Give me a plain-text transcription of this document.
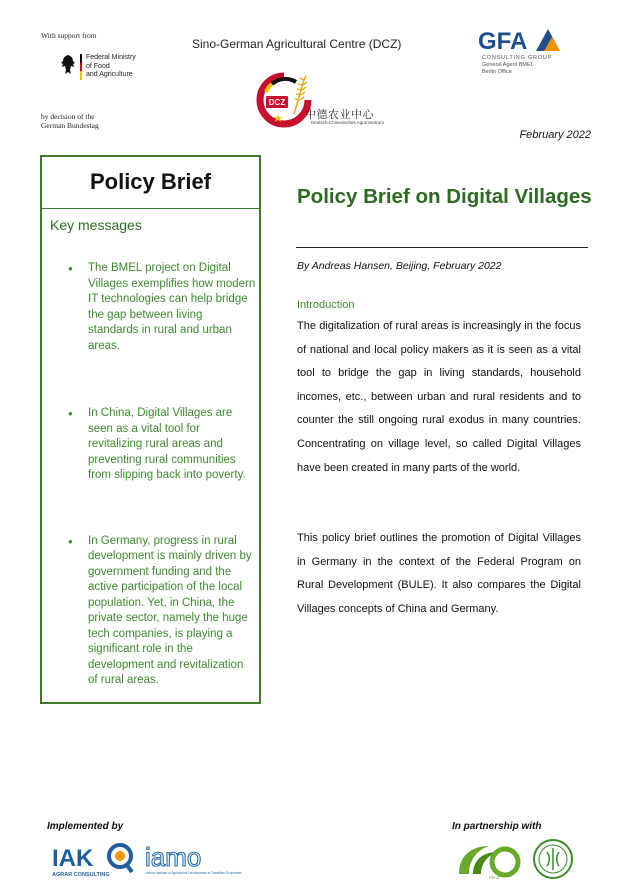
With support from
Federal Ministry
of Food
and Agriculture
by decision of the
German Bundestag
Sino-German Agricultural Centre (DCZ)
DCZ
中德农业中心
Deutsch-Chinesisches Agrarzentrum
GFA
CONSULTING GROUP
General Agent BMEL
Berlin Office
February 2022
Policy Brief
Key messages
● The BMEL project on Digital Villages exemplifies how modern IT technologies can help bridge the gap between living standards in rural and urban areas.
● In China, Digital Villages are seen as a vital tool for revitalizing rural areas and preventing rural communities from slipping back into poverty.
● In Germany, progress in rural development is mainly driven by government funding and the active participation of the local population. Yet, in China, the private sector, namely the huge tech companies, is playing a significant role in the development and revitalization of rural areas.
Policy Brief on Digital Villages
By Andreas Hansen, Beijing, February 2022
Introduction

The digitalization of rural areas is increasingly in the focus of national and local policy makers as it is seen as a vital tool to bridge the gap in living standards, household incomes, etc., between urban and rural residents and to counter the still ongoing rural exodus in many countries. Concentrating on village level, so called Digital Villages have been created in many parts of the world.

This policy brief outlines the promotion of Digital Villages in Germany in the context of the Federal Program on Rural Development (BULE). It also compares the Digital Villages concepts of China and Germany.

Implemented by	In partnership with
IAK
AGRAR CONSULTING
iamo
Leibniz Institute of Agricultural Development in Transition Economies
FECC
